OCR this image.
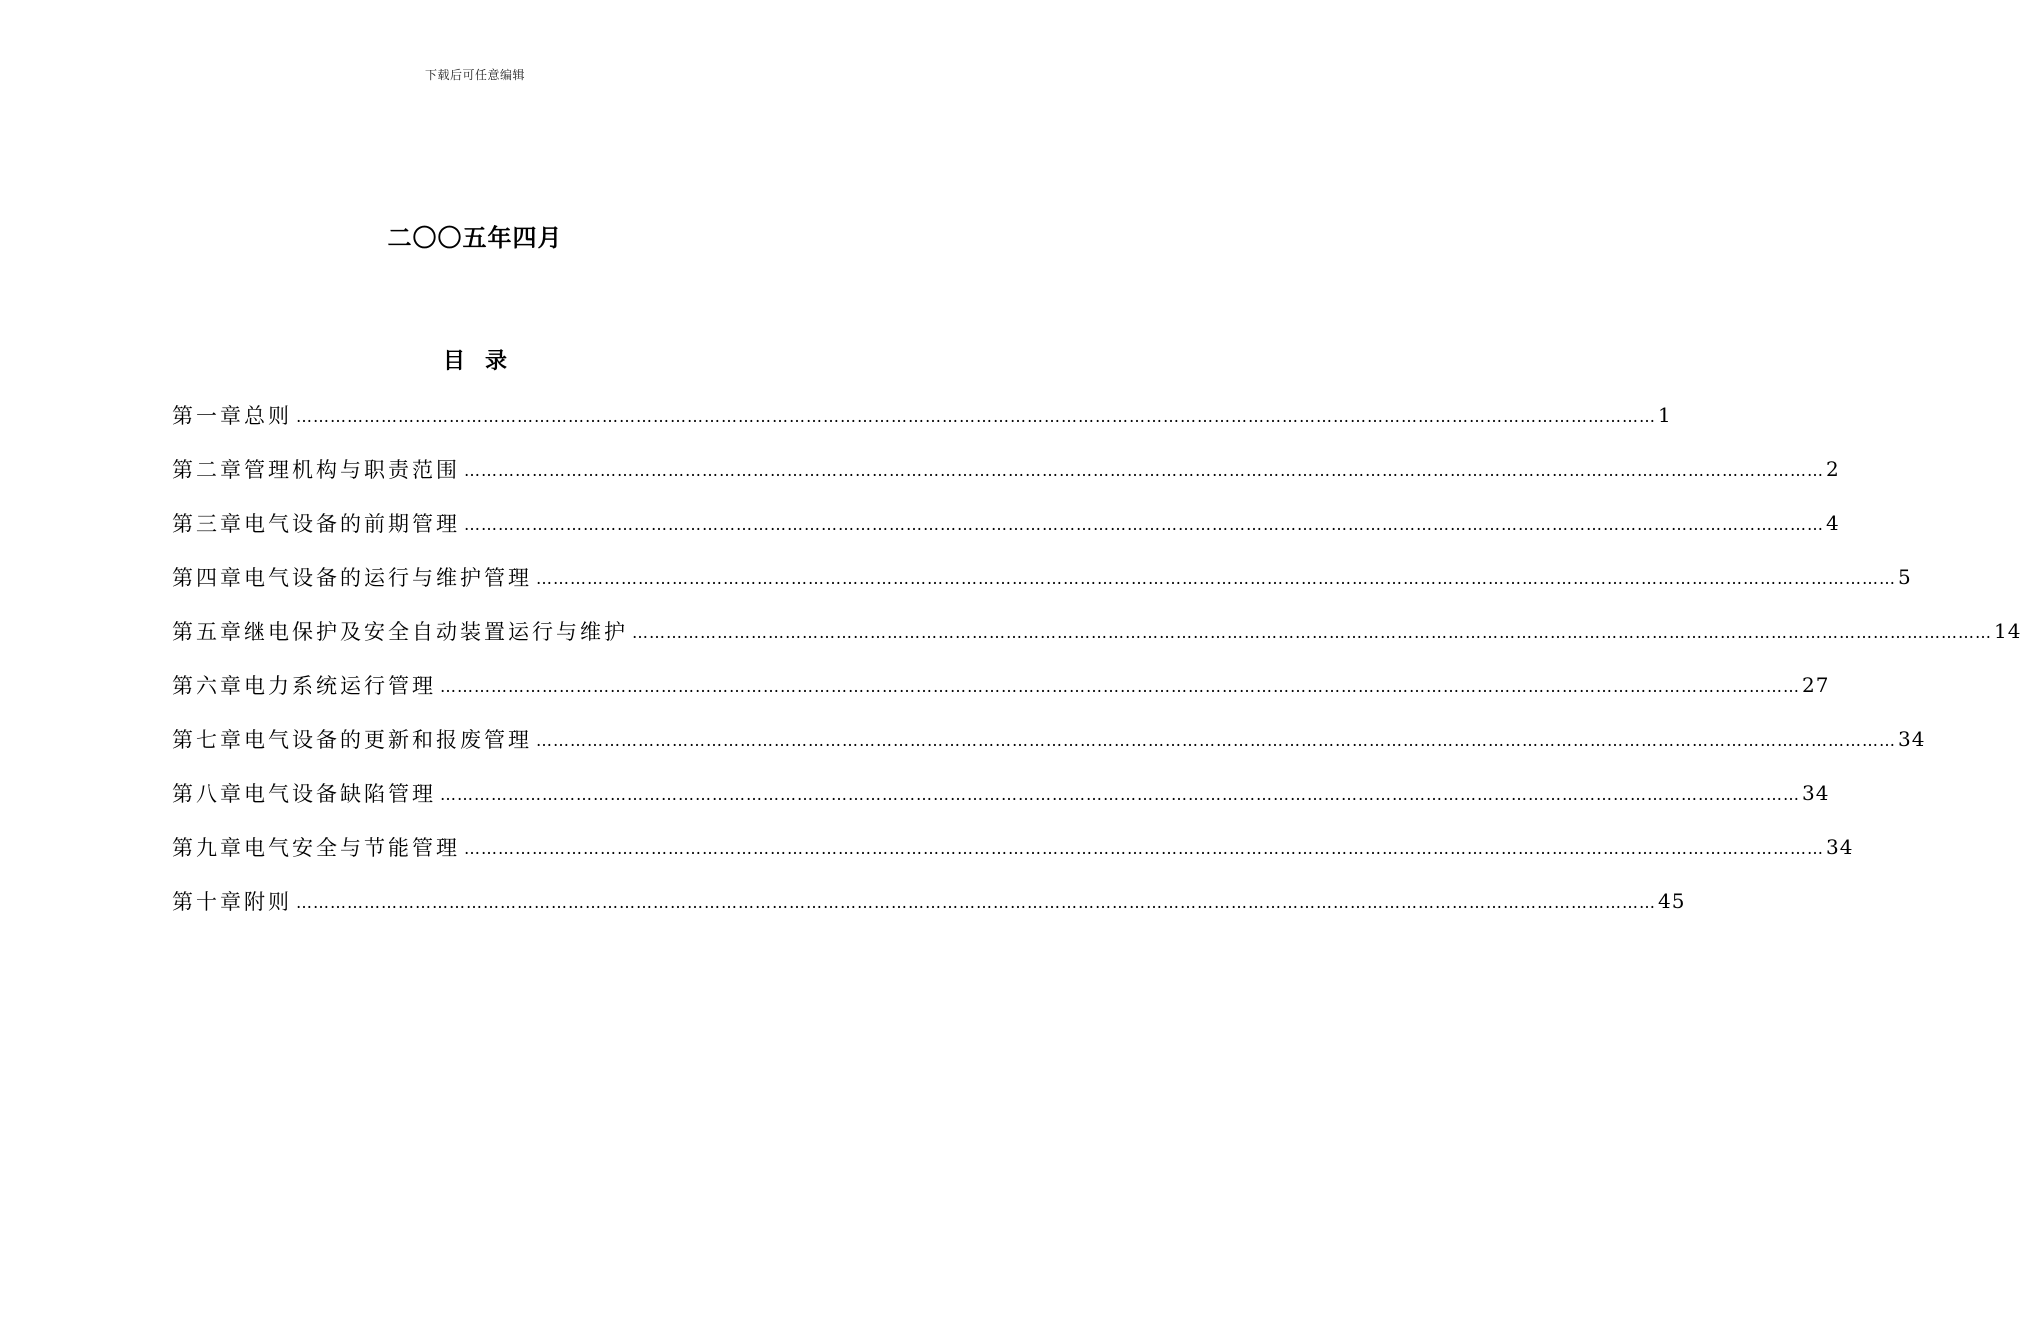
下载后可任意编辑
二〇〇五年四月
目 录
第一章 总则 …………………………………………………………………………………………………………………………………………………………………………………………………………………… 1
第二章 管理机构与职责范围 …………………………………………………………………………………………………………………………………………………………………………………………………………………… 2
第三章 电气设备的前期管理 …………………………………………………………………………………………………………………………………………………………………………………………………………………… 4
第四章 电气设备的运行与维护管理 …………………………………………………………………………………………………………………………………………………………………………………………………………………… 5
第五章 继电保护及安全自动装置运行与维护 …………………………………………………………………………………………………………………………………………………………………………………………………………………… 14
第六章 电力系统运行管理 …………………………………………………………………………………………………………………………………………………………………………………………………………………… 27
第七章 电气设备的更新和报废管理 …………………………………………………………………………………………………………………………………………………………………………………………………………………… 34
第八章 电气设备缺陷管理 …………………………………………………………………………………………………………………………………………………………………………………………………………………… 34
第九章 电气安全与节能管理 …………………………………………………………………………………………………………………………………………………………………………………………………………………… 34
第十章 附则 …………………………………………………………………………………………………………………………………………………………………………………………………………………… 45
